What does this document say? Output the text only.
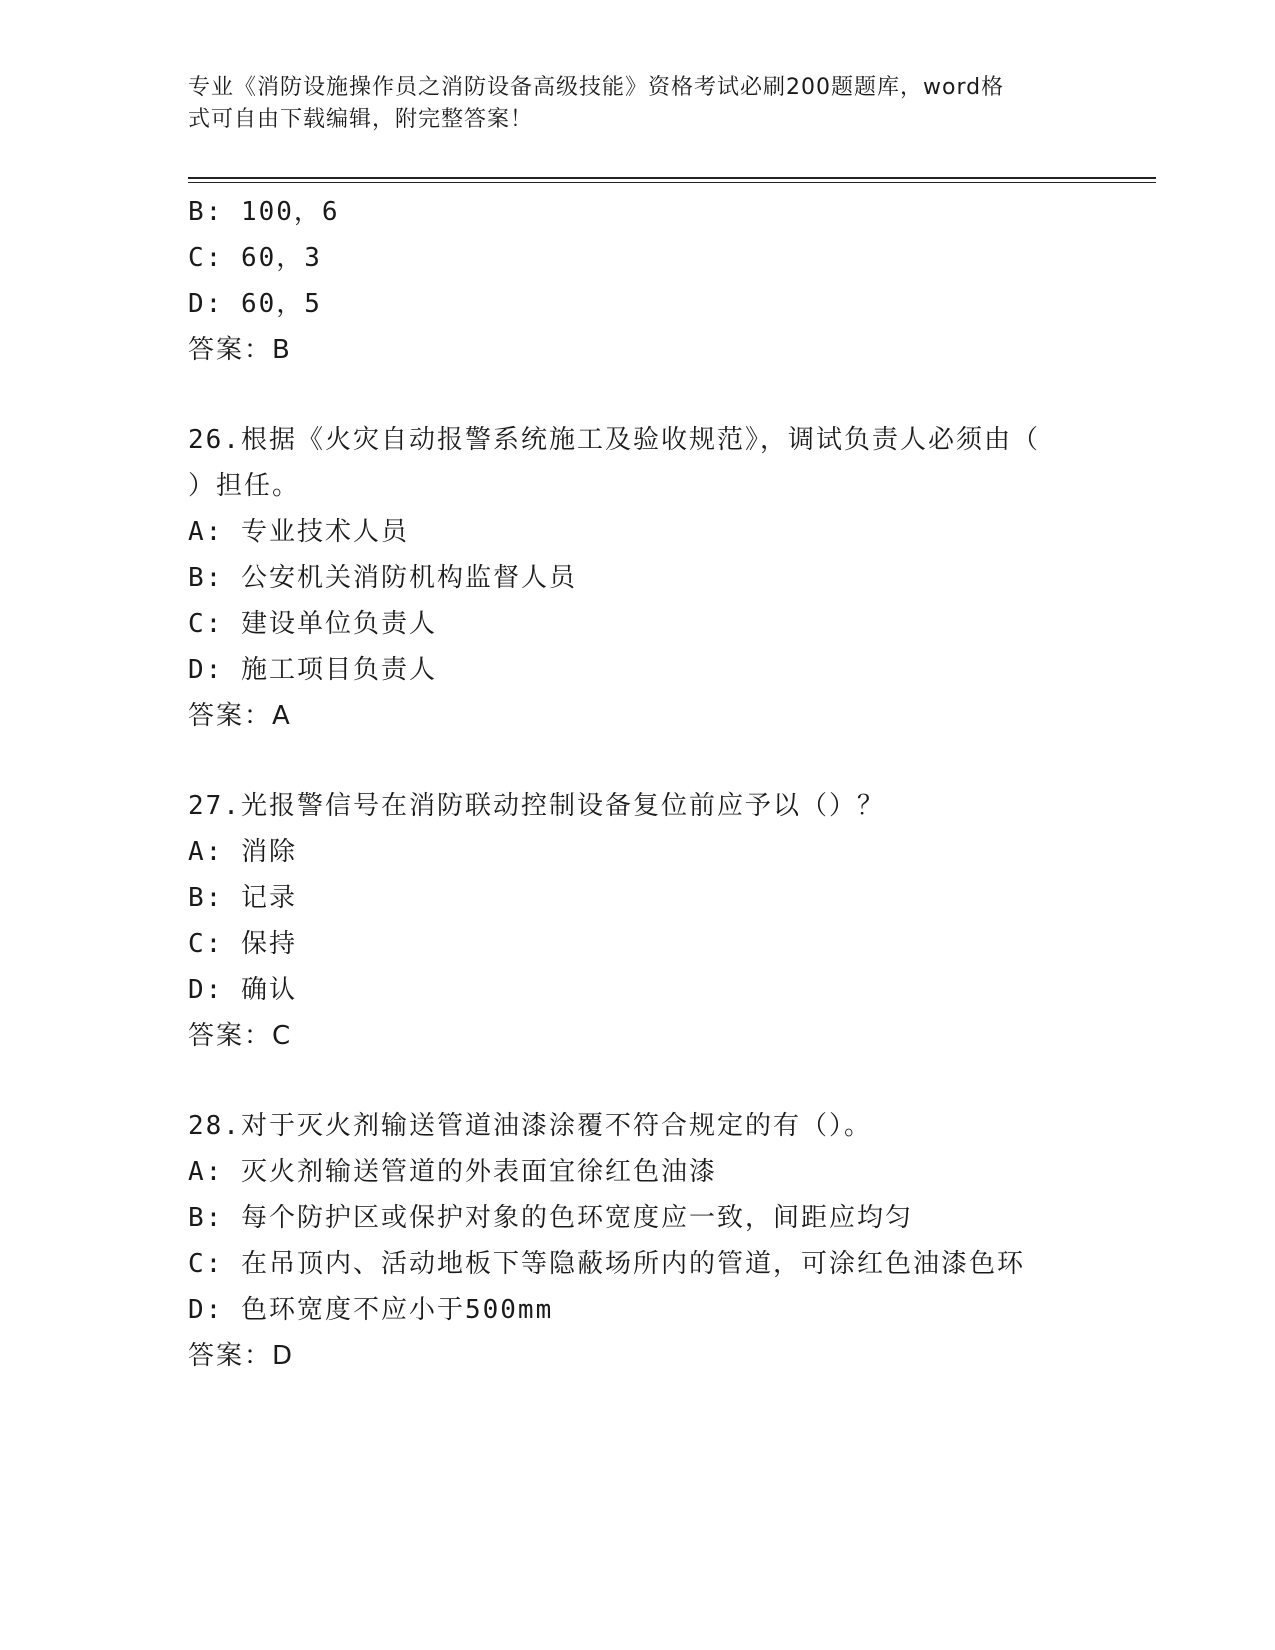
专业《消防设施操作员之消防设备高级技能》资格考试必刷200题题库，word格
式可自由下载编辑，附完整答案！
B: 100，6
C: 60，3
D: 60，5
答案：B
26.根据《火灾自动报警系统施工及验收规范》，调试负责人必须由（
）担任。
A: 专业技术人员
B: 公安机关消防机构监督人员
C: 建设单位负责人
D: 施工项目负责人
答案：A
27.光报警信号在消防联动控制设备复位前应予以（）？
A: 消除
B: 记录
C: 保持
D: 确认
答案：C
28.对于灭火剂输送管道油漆涂覆不符合规定的有（）。
A: 灭火剂输送管道的外表面宜徐红色油漆
B: 每个防护区或保护对象的色环宽度应一致，间距应均匀
C: 在吊顶内、活动地板下等隐蔽场所内的管道，可涂红色油漆色环
D: 色环宽度不应小于500mm
答案：D
